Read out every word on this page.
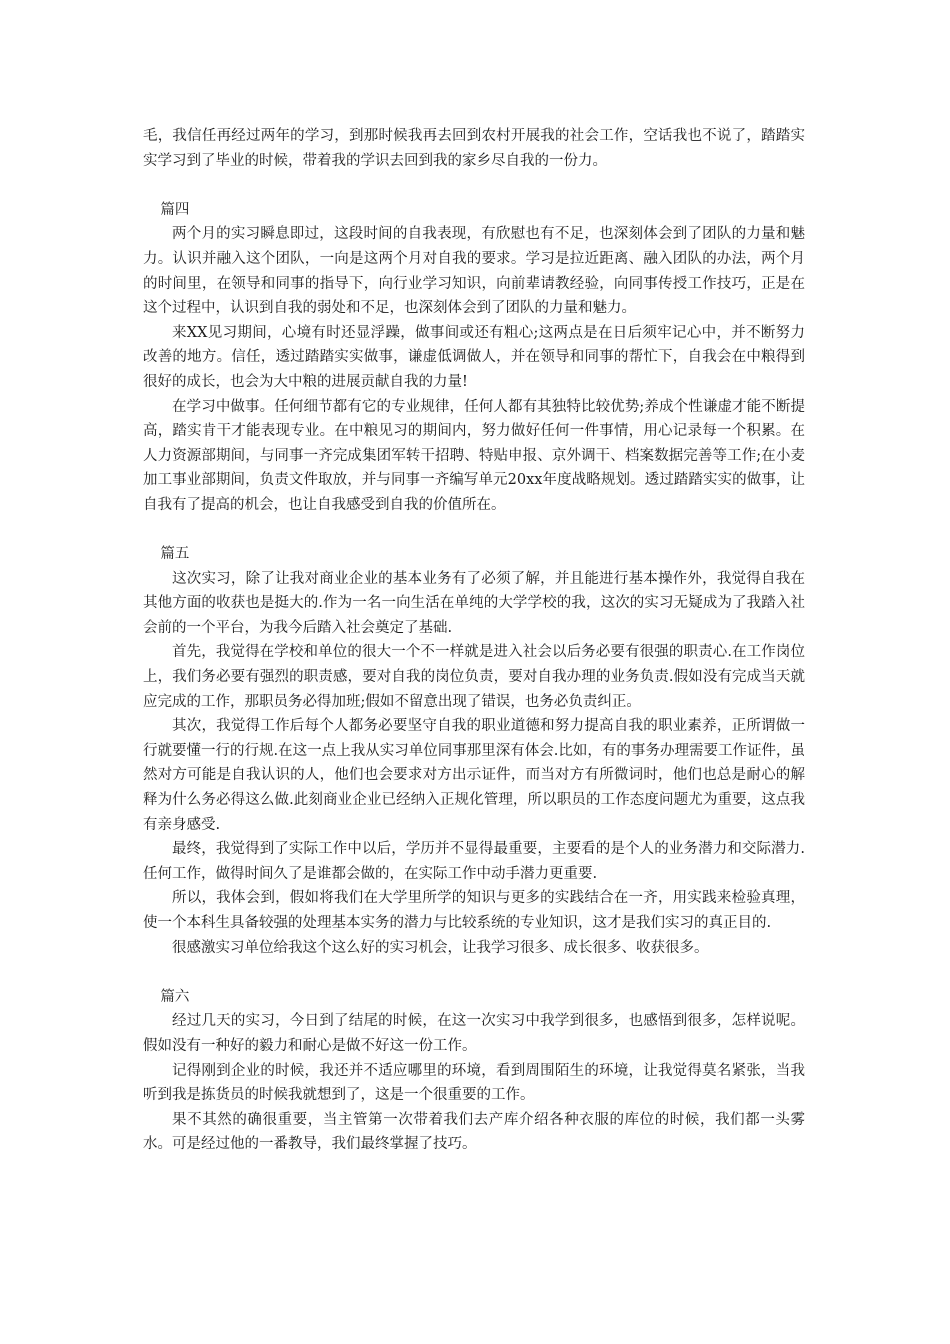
毛，我信任再经过两年的学习，到那时候我再去回到农村开展我的社会工作，空话我也不说了，踏踏实实学习到了毕业的时候，带着我的学识去回到我的家乡尽自我的一份力。

篇四

两个月的实习瞬息即过，这段时间的自我表现，有欣慰也有不足，也深刻体会到了团队的力量和魅力。认识并融入这个团队，一向是这两个月对自我的要求。学习是拉近距离、融入团队的办法，两个月的时间里，在领导和同事的指导下，向行业学习知识，向前辈请教经验，向同事传授工作技巧，正是在这个过程中，认识到自我的弱处和不足，也深刻体会到了团队的力量和魅力。

来XX见习期间，心境有时还显浮躁，做事间或还有粗心;这两点是在日后须牢记心中，并不断努力改善的地方。信任，透过踏踏实实做事，谦虚低调做人，并在领导和同事的帮忙下，自我会在中粮得到很好的成长，也会为大中粮的进展贡献自我的力量!

在学习中做事。任何细节都有它的专业规律，任何人都有其独特比较优势;养成个性谦虚才能不断提高，踏实肯干才能表现专业。在中粮见习的期间内，努力做好任何一件事情，用心记录每一个积累。在人力资源部期间，与同事一齐完成集团军转干招聘、特贴申报、京外调干、档案数据完善等工作;在小麦加工事业部期间，负责文件取放，并与同事一齐编写单元20xx年度战略规划。透过踏踏实实的做事，让自我有了提高的机会，也让自我感受到自我的价值所在。

篇五

这次实习，除了让我对商业企业的基本业务有了必须了解，并且能进行基本操作外，我觉得自我在其他方面的收获也是挺大的.作为一名一向生活在单纯的大学学校的我，这次的实习无疑成为了我踏入社会前的一个平台，为我今后踏入社会奠定了基础.

首先，我觉得在学校和单位的很大一个不一样就是进入社会以后务必要有很强的职责心.在工作岗位上，我们务必要有强烈的职责感，要对自我的岗位负责，要对自我办理的业务负责.假如没有完成当天就应完成的工作，那职员务必得加班;假如不留意出现了错误，也务必负责纠正。

其次，我觉得工作后每个人都务必要坚守自我的职业道德和努力提高自我的职业素养，正所谓做一行就要懂一行的行规.在这一点上我从实习单位同事那里深有体会.比如，有的事务办理需要工作证件，虽然对方可能是自我认识的人，他们也会要求对方出示证件，而当对方有所微词时，他们也总是耐心的解释为什么务必得这么做.此刻商业企业已经纳入正规化管理，所以职员的工作态度问题尤为重要，这点我有亲身感受.

最终，我觉得到了实际工作中以后，学历并不显得最重要，主要看的是个人的业务潜力和交际潜力.任何工作，做得时间久了是谁都会做的，在实际工作中动手潜力更重要.

所以，我体会到，假如将我们在大学里所学的知识与更多的实践结合在一齐，用实践来检验真理，使一个本科生具备较强的处理基本实务的潜力与比较系统的专业知识，这才是我们实习的真正目的.

很感激实习单位给我这个这么好的实习机会，让我学习很多、成长很多、收获很多。

篇六

经过几天的实习，今日到了结尾的时候，在这一次实习中我学到很多，也感悟到很多，怎样说呢。假如没有一种好的毅力和耐心是做不好这一份工作。

记得刚到企业的时候，我还并不适应哪里的环境，看到周围陌生的环境，让我觉得莫名紧张，当我听到我是拣货员的时候我就想到了，这是一个很重要的工作。

果不其然的确很重要，当主管第一次带着我们去产库介绍各种衣服的库位的时候，我们都一头雾水。可是经过他的一番教导，我们最终掌握了技巧。
